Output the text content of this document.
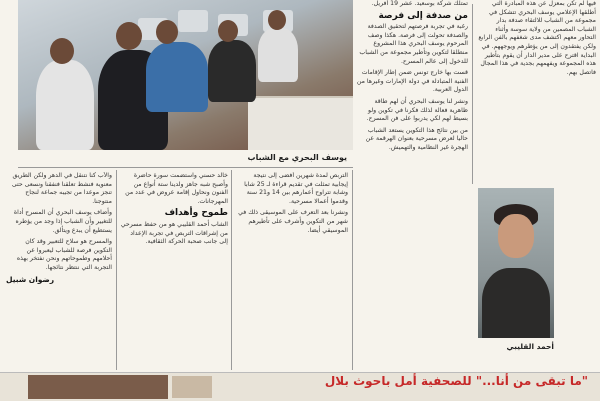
يوسف البحري مع الشباب

فيها لم تكن بمعزل عن هذه المبادرة التي أطلقها الإعلامي يوسف البحري تتشكل في مجموعة من الشباب للالتقاء صدفة بدار الشباب المصمين من ولاية سوسة وأثناء التحاور معهم اكتشف مدى شغفهم بالفن الرابع ولكن يفتقدون إلى من يؤطرهم ويوجههم. في البداية اقترح على مدير الدار أن يقوم بتأطير هذه المجموعة ويفهمهم بجدية في هذا المجال فاتصل بهم.

تمتلك شركة بوسعيد. عشر 19 أفريل.

من صدفة إلى فرصة

رغبة في تجربة فرصتهم لتحقيق الصدفة والصدفة تحولت إلى فرصة. هكذا وصف المرحوم يوسف البحري هذا المشروع منطلقا لتكوين وتأطير مجموعة من الشباب للدخول إلى عالم المسرح.

قست بها خارج تونس ضمن إطار الإقامات الفنية المتبادلة في دولة الإمارات وغيرها من الدول العربية.

ونشر لنا يوسف البحري أن لهم طاقة ظاهرية فعالة لذلك فكرنا في تكوين ولو بسيط لهم لكي يدربوا على فن المسرح.

من بين نتائج هذا التكوين يستعد الشباب حاليا لعرض مسرحية بعنوان الهرقمة عن الهجرة غير النظامية والتهميش.

أحمد القليبي

التربص لمدة شهرين أفضى إلى نتيجة إيجابية تمثلت في تقديم قراءة لـ 25 شابا وشابة تتراوح أعمارهم بين 14 و21 سنة وقدموا أعمالا مسرحية.

ونشرنا بعد التعرف على الموسيقى ذلك في شهر من التكوين وأشرف على تأطيرهم الموسيقي أيضا.

خالد حسني واستضمت سورة حاضرة وأصبح شبه جاهز ولدينا ستة أنواع من الفنون ونحاول إقامة عروض في عدد من المهرجانات.

طموح وأهداف

الشاب أحمد القليبي هو من حفظ مسرحي من إشراقات التربص في تجربة الإعداد إلى جانب صحبة الحركة الثقافية.

والأب كنا نتنقل في الدهر ولكن الطريق معنوية فنشط تعلقنا فنفقنا ونسعى حتى تنجز موعدا من تجيبه جماعة لنجاح منتوجنا.

وأضاف يوسف البحري أن المسرح أداة للتغيير وأن الشباب إذا وجد من يؤطره يستطيع أن يبدع ويتألق.

والمسرح هو سلاح للتعبير وقد كان التكوين فرصة للشباب ليعبروا عن أحلامهم وطموحاتهم ونحن نفتخر بهذه التجربة التي ننتظر نتائجها.

رضوان شبيل
"ما تبقى من أنا..." للصحفية أمل باحوث بلال
